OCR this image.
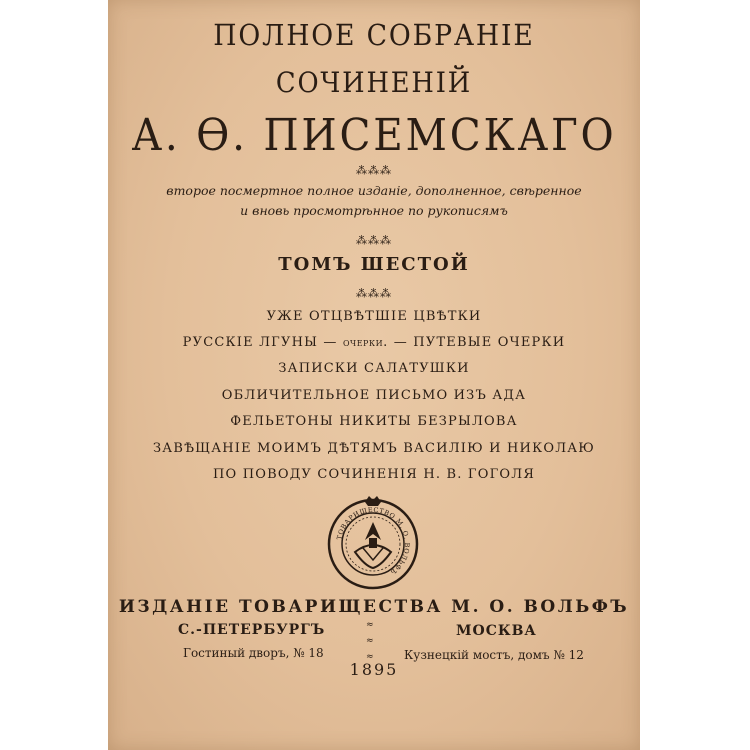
ПОЛНОЕ СОБРАНІЕ
СОЧИНЕНІЙ
А. Ѳ. ПИСЕМСКАГО
⁂⁂⁂
второе посмертное полное изданіе, дополненное, свѣренное
и вновь просмотрѣнное по рукописямъ
⁂⁂⁂
ТОМЪ ШЕСТОЙ
⁂⁂⁂
УЖЕ ОТЦВѢТШІЕ ЦВѢТКИ
РУССКІЕ ЛГУНЫ — ОЧЕРКИ. — ПУТЕВЫЕ ОЧЕРКИ
ЗАПИСКИ САЛАТУШКИ
ОБЛИЧИТЕЛЬНОЕ ПИСЬМО ИЗЪ АДА
ФЕЛЬЕТОНЫ НИКИТЫ БЕЗРЫЛОВА
ЗАВѢЩАНІЕ МОИМЪ ДѢТЯМЪ ВАСИЛІЮ И НИКОЛАЮ
ПО ПОВОДУ СОЧИНЕНІЯ Н. В. ГОГОЛЯ
ТОВАРИЩЕСТВО М. О. ВОЛЬФЪ
ИЗДАНІЕ ТОВАРИЩЕСТВА М. О. ВОЛЬФЪ
С.-ПЕТЕРБУРГЪ	МОСКВА
≈
≈
≈
Гостиный дворъ, № 18	Кузнецкій мостъ, домъ № 12
1895
